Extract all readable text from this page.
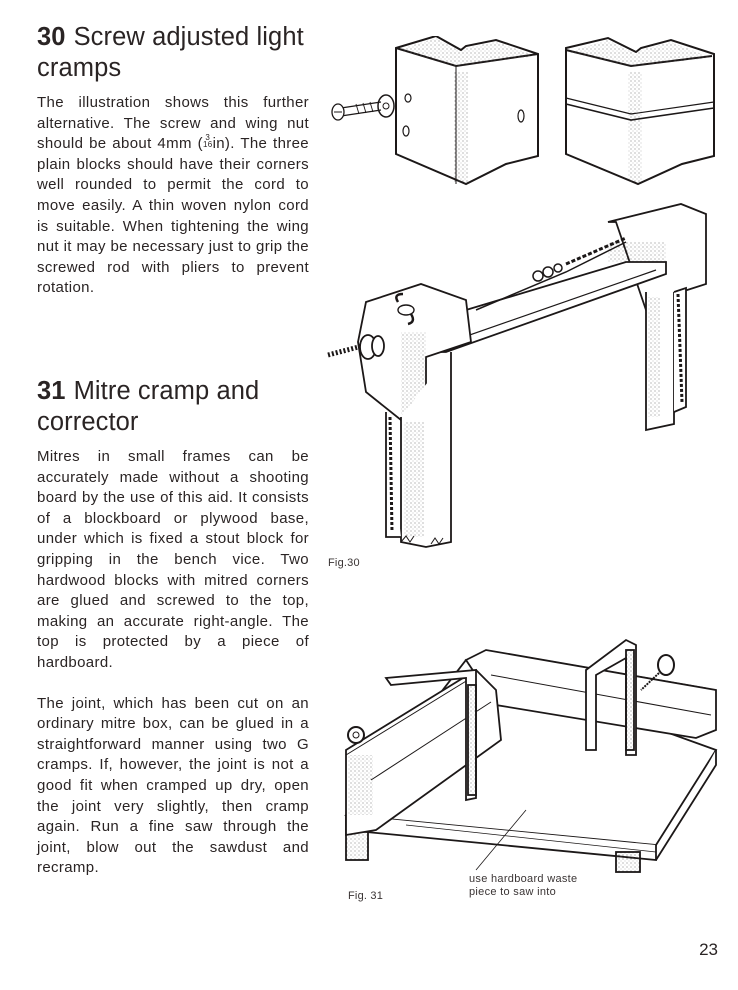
30 Screw adjusted light cramps

The illustration shows this further alternative. The screw and wing nut should be about 4mm ( 3
16 in). The three plain blocks should have their corners well rounded to permit the cord to move easily. A thin woven nylon cord is suitable. When tightening the wing nut it may be necessary just to grip the screwed rod with pliers to prevent rotation.

31 Mitre cramp and corrector

Mitres in small frames can be accurately made without a shooting board by the use of this aid. It consists of a blockboard or plywood base, under which is fixed a stout block for gripping in the bench vice. Two hardwood blocks with mitred corners are glued and screwed to the top, making an accurate right-angle. The top is protected by a piece of hardboard.

The joint, which has been cut on an ordinary mitre box, can be glued in a straightforward manner using two G cramps. If, however, the joint is not a good fit when cramped up dry, open the joint very slightly, then cramp again. Run a fine saw through the joint, blow out the sawdust and recramp.

Fig.30
use hardboard waste
piece to saw into
Fig. 31
23
